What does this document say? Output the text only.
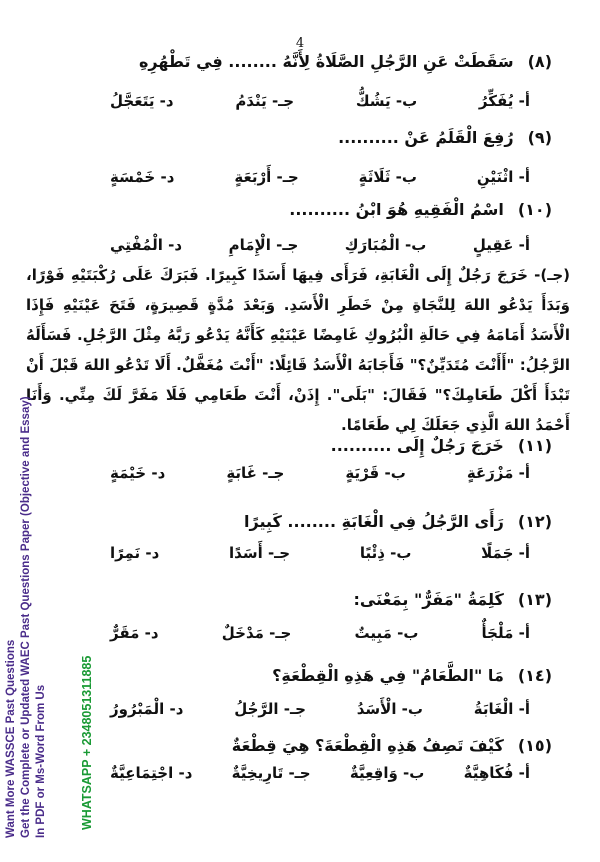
4
(٨)سَقَطَتْ عَنِ الرَّجُلِ الصَّلَاةُ لِأَنَّهُ ........ فِي تَطْهُرِهِ
أ- يُفَكِّرُ
ب- يَشُكُّ
جـ- يَنْدَمُ
د- يَتَعَجَّلُ
(٩)رُفِعَ الْقَلَمُ عَنْ ..........
أ- اثْنَيْنِ
ب- ثَلَاثَةٍ
جـ- أَرْبَعَةٍ
د- خَمْسَةٍ
(١٠)اسْمُ الْفَقِيهِ هُوَ ابْنُ ..........
أ- عَقِيلٍ
ب- الْمُبَارَكِ
جـ- الْإِمَامِ
د- الْمُفْتِي
(جـ)- خَرَجَ رَجُلٌ إِلَى الْغَابَةِ، فَرَأَى فِيهَا أَسَدًا كَبِيرًا. فَبَرَكَ عَلَى رُكْبَتَيْهِ فَوْرًا، وَبَدَأَ يَدْعُو اللهَ لِلنَّجَاةِ مِنْ خَطَرِ الْأَسَدِ. وَبَعْدَ مُدَّةٍ قَصِيرَةٍ، فَتَحَ عَيْنَيْهِ فَإِذَا الْأَسَدُ أَمَامَهُ فِي حَالَةِ الْبُرُوكِ غَامِضًا عَيْنَيْهِ كَأَنَّهُ يَدْعُو رَبَّهُ مِثْلَ الرَّجُلِ. فَسَأَلَهُ الرَّجُلُ: "أَأَنْتَ مُتَدَيِّنٌ؟" فَأَجَابَهُ الْأَسَدُ قَائِلًا: "أَنْتَ مُغَفَّلٌ. أَلَا تَدْعُو اللهَ قَبْلَ أَنْ تَبْدَأَ أَكْلَ طَعَامِكَ؟" فَقَالَ: "بَلَى". إِذَنْ، أَنْتَ طَعَامِي فَلَا مَفَرَّ لَكَ مِنِّي. وَأَنَا أَحْمَدُ اللهَ الَّذِي جَعَلَكَ لِي طَعَامًا.
(١١)خَرَجَ رَجُلٌ إِلَى ..........
أ- مَزْرَعَةٍ
ب- قَرْيَةٍ
جـ- غَابَةٍ
د- خَيْمَةٍ
(١٢)رَأَى الرَّجُلُ فِي الْغَابَةِ ........ كَبِيرًا
أ- جَمَلًا
ب- ذِئْبًا
جـ- أَسَدًا
د- نَمِرًا
(١٣)كَلِمَةُ "مَفَرٌّ" بِمَعْنَى:
أ- مَلْجَأٌ
ب- مَبِيتٌ
جـ- مَدْخَلٌ
د- مَقَرٌّ
(١٤)مَا "الطَّعَامُ" فِي هَذِهِ الْقِطْعَةِ؟
أ- الْغَابَةُ
ب- الْأَسَدُ
جـ- الرَّجُلُ
د- الْمَبْرُورُ
(١٥)كَيْفَ تَصِفُ هَذِهِ الْقِطْعَةَ؟ هِيَ قِطْعَةٌ
أ- فُكَاهِيَّةٌ
ب- وَاقِعِيَّةٌ
جـ- تَارِيخِيَّةٌ
د- اجْتِمَاعِيَّةٌ
Want More WASSCE Past Questions Get the Complete or Updated WAEC Past Questions Paper (Objective and Essay) In PDF or Ms-Word From Us	WHATSAPP + 2348051311885
